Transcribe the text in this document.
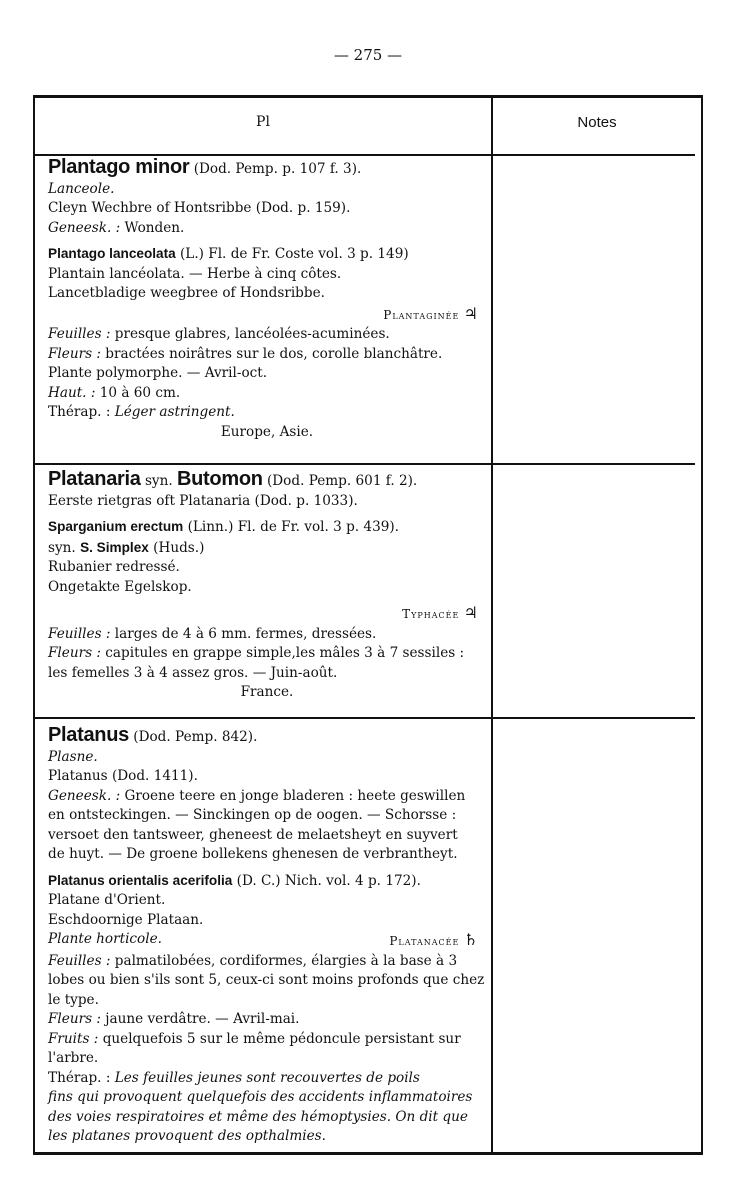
— 275 —
Pl	Notes
Plantago minor (Dod. Pemp. p. 107 f. 3).
Lanceole.
Cleyn Wechbre of Hontsribbe (Dod. p. 159).
Geneesk. : Wonden.
Plantago lanceolata (L.) Fl. de Fr. Coste vol. 3 p. 149)
Plantain lancéolata. — Herbe à cinq côtes.
Lancetbladige weegbree of Hondsribbe.
Plantaginée ♃
Feuilles : presque glabres, lancéolées-acuminées.
Fleurs : bractées noirâtres sur le dos, corolle blanchâtre.
Plante polymorphe. — Avril-oct.
Haut. : 10 à 60 cm.
Thérap. : Léger astringent.
Europe, Asie.
Platanaria syn. Butomon (Dod. Pemp. 601 f. 2).
Eerste rietgras oft Platanaria (Dod. p. 1033).
Sparganium erectum (Linn.) Fl. de Fr. vol. 3 p. 439).
syn. S. Simplex (Huds.)
Rubanier redressé.
Ongetakte Egelskop.
Typhacée ♃
Feuilles : larges de 4 à 6 mm. fermes, dressées.
Fleurs : capitules en grappe simple,les mâles 3 à 7 sessiles :
les femelles 3 à 4 assez gros. — Juin-août.
France.
Platanus (Dod. Pemp. 842).
Plasne.
Platanus (Dod. 1411).
Geneesk. : Groene teere en jonge bladeren : heete geswillen
en ontsteckingen. — Sinckingen op de oogen. — Schorsse :
versoet den tantsweer, gheneest de melaetsheyt en suyvert
de huyt. — De groene bollekens ghenesen de verbrantheyt.
Platanus orientalis acerifolia (D. C.) Nich. vol. 4 p. 172).
Platane d'Orient.
Eschdoornige Plataan.
Plante horticole.	Platanacée ♄
Feuilles : palmatilobées, cordiformes, élargies à la base à 3
lobes ou bien s'ils sont 5, ceux-ci sont moins profonds que chez
le type.
Fleurs : jaune verdâtre. — Avril-mai.
Fruits : quelquefois 5 sur le même pédoncule persistant sur
l'arbre.
Thérap. : Les feuilles jeunes sont recouvertes de poils
fins qui provoquent quelquefois des accidents inflammatoires
des voies respiratoires et même des hémoptysies. On dit que
les platanes provoquent des opthalmies.
